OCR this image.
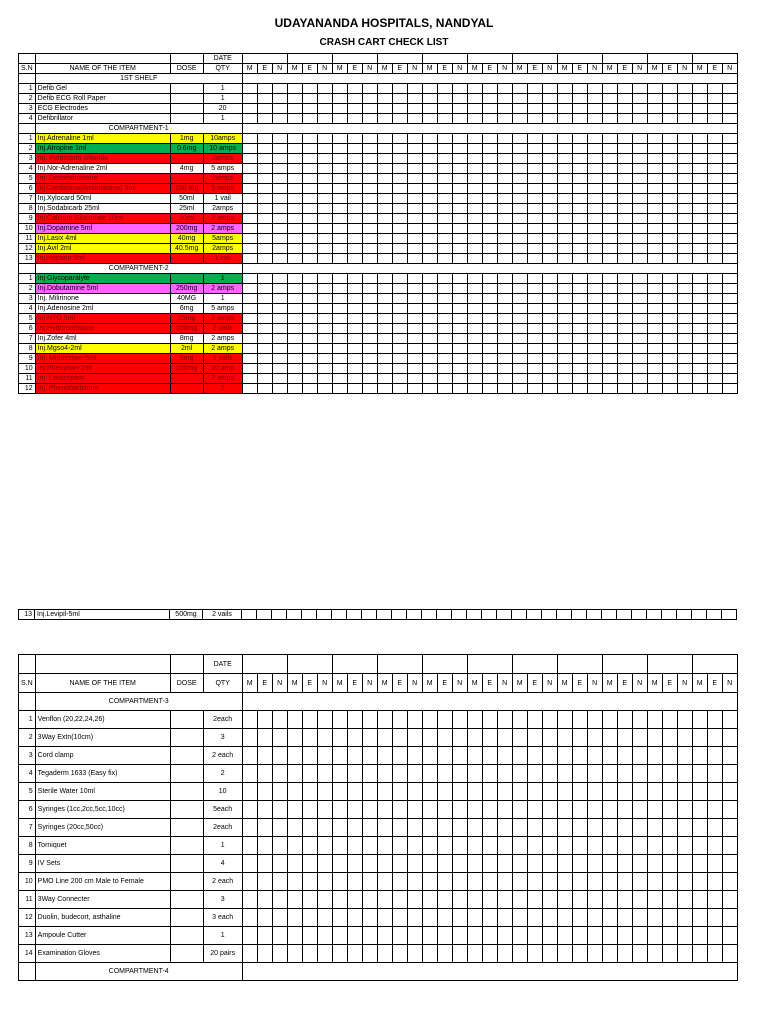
UDAYANANDA HOSPITALS, NANDYAL
CRASH CART CHECK LIST
			DATE																																	
S.N	NAME OF THE ITEM	DOSE	QTY	M	E	N	M	E	N	M	E	N	M	E	N	M	E	N	M	E	N	M	E	N	M	E	N	M	E	N	M	E	N	M	E	N
	1ST SHELF																																			
1	Defib Gel		1																																	
2	Defib ECG Roll Paper		1																																	
3	ECG Electrodes		20																																	
4	Defibrillator		1																																	
	COMPARTMENT-1																																			
1	Inj.Adrenaline 1ml	1mg	10amps																																	
2	Inj.Atropine 1ml	0.6mg	10 amps																																	
3	Inj. Potassium chloride		2amps																																	
4	Inj.Nor-Adrenaline 2ml	4mg	5 amps																																	
5	Inj. Dexamithasone		2amps																																	
6	Inj.Cordarone(Amiodarone) 3ml	150 mg	5 amps																																	
7	Inj.Xylocard 50ml	50ml	1 vail																																	
8	Inj.Sodabicarb 25ml	25ml	2amps																																	
9	Inj.Calcium Gluconate 10ml	10ml	2 amps																																	
10	Inj.Dopamine 5ml	200mg	2 amps																																	
11	Inj.Lasix 4ml	40mg	5amps																																	
12	Inj.Avil 2ml	40.5mg	2amps																																	
13	Inj.Heparin 5ml		1 vail																																	
	COMPARTMENT-2																																			
1	Inj Glycoparalyte		1																																	
2	Inj.Dobutamine 5ml	250mg	2 amps																																	
3	Inj. Milirinone	40MG	1																																	
4	Inj.Adenosine 2ml	6mg	5 amps																																	
5	Inj.NTG 5ml	25mg	2 amps																																	
6	Inj.Hydrocortisone	100mg	2 vails																																	
7	Inj.Zofer 4ml	8mg	2 amps																																	
8	Inj.Mgso4-2ml	2ml	2 amps																																	
9	Inj. Midazolam-5ml	5mg	1 vails																																	
10	Inj.Phenytoin-2ml	100mg	10 amp																																	
11	Inj. Lorazepam		2 amps																																	
12	Inj. Phenobarbitone		2																																	
13	Inj.Levipil-5ml	500mg	2 vails																																	
			DATE																																	
S.N	NAME OF THE ITEM	DOSE	QTY	M	E	N	M	E	N	M	E	N	M	E	N	M	E	N	M	E	N	M	E	N	M	E	N	M	E	N	M	E	N	M	E	N
	COMPARTMENT-3																																			
1	Venflon (20,22,24,26)		2each																																	
2	3Way Extn(10cm)		3																																	
3	Cord clamp		2 each																																	
4	Tegaderm 1633 (Easy fix)		2																																	
5	Sterile Water 10ml		10																																	
6	Syringes (1cc,2cc,5cc,10cc)		5each																																	
7	Syringes (20cc,50cc)		2each																																	
8	Torniquet		1																																	
9	IV Sets		4																																	
10	PMO Line 200 cm Male to Female		2 each																																	
11	3Way Connecter		3																																	
12	Duolin, budecort, asthaline		3 each																																	
13	Ampoule Cutter		1																																	
14	Examination Gloves		20 pairs																																	
	COMPARTMENT-4																																			
